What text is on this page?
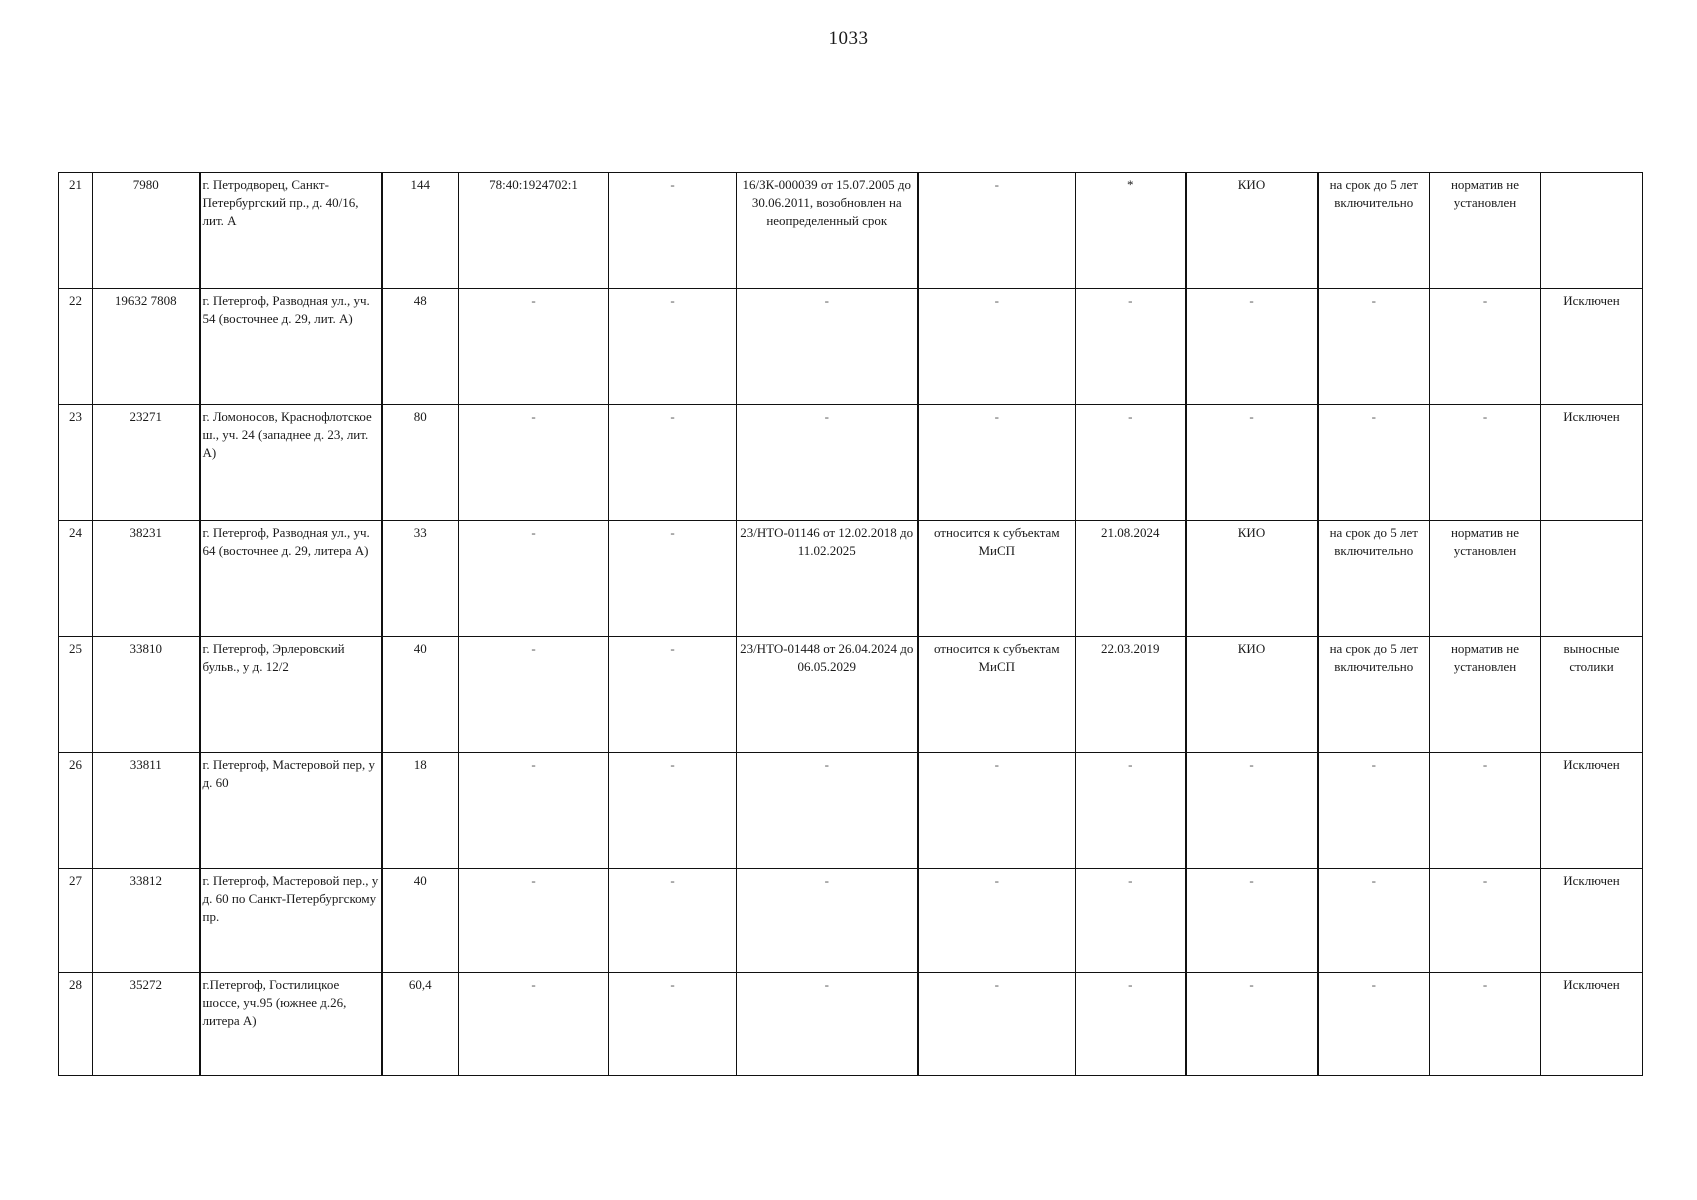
1033
21	7980	г. Петродворец, Санкт-Петербургский пр., д. 40/16, лит. А	144	78:40:1924702:1	-	16/ЗК-000039 от 15.07.2005 до 30.06.2011, возобновлен на неопределенный срок	-	*	КИО	на срок до 5 лет включительно	норматив не установлен	
22	19632 7808	г. Петергоф, Разводная ул., уч. 54 (восточнее д. 29, лит. А)	48	-	-	-	-	-	-	-	-	Исключен
23	23271	г. Ломоносов, Краснофлотское ш., уч. 24 (западнее д. 23, лит. А)	80	-	-	-	-	-	-	-	-	Исключен
24	38231	г. Петергоф, Разводная ул., уч. 64 (восточнее д. 29, литера А)	33	-	-	23/НТО-01146 от 12.02.2018 до 11.02.2025	относится к субъектам МиСП	21.08.2024	КИО	на срок до 5 лет включительно	норматив не установлен	
25	33810	г. Петергоф, Эрлеровский бульв., у д. 12/2	40	-	-	23/НТО-01448 от 26.04.2024 до 06.05.2029	относится к субъектам МиСП	22.03.2019	КИО	на срок до 5 лет включительно	норматив не установлен	выносные столики
26	33811	г. Петергоф, Мастеровой пер, у д. 60	18	-	-	-	-	-	-	-	-	Исключен
27	33812	г. Петергоф, Мастеровой пер., у д. 60 по Санкт-Петербургскому пр.	40	-	-	-	-	-	-	-	-	Исключен
28	35272	г.Петергоф, Гостилицкое шоссе, уч.95 (южнее д.26, литера А)	60,4	-	-	-	-	-	-	-	-	Исключен
